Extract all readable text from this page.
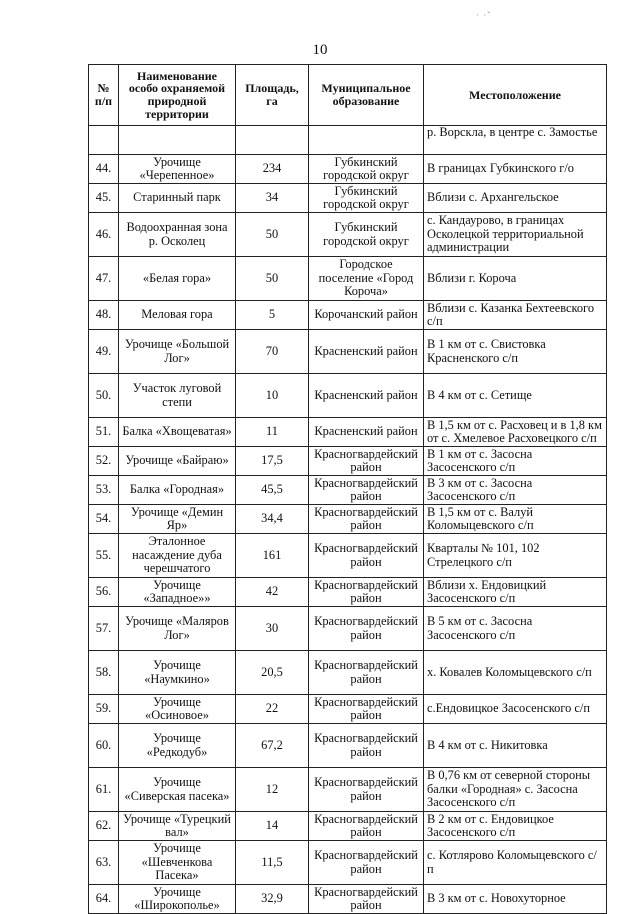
· ·ˇ
10
№ п/п	Наименование особо охраняемой природной территории	Площадь, га	Муниципальное образование	Местоположение
				р. Ворскла, в центре с. Замостье
44.	Урочище «Черепенное»	234	Губкинский городской округ	В границах Губкинского г/о
45.	Старинный парк	34	Губкинский городской округ	Вблизи с. Архангельское
46.	Водоохранная зона р. Осколец	50	Губкинский городской округ	с. Кандаурово, в границах Осколецкой территориальной администрации
47.	«Белая гора»	50	Городское поселение «Город Короча»	Вблизи г. Короча
48.	Меловая гора	5	Корочанский район	Вблизи с. Казанка Бехтеевского с/п
49.	Урочище «Большой Лог»	70	Красненский район	В 1 км от с. Свистовка Красненского с/п
50.	Участок луговой степи	10	Красненский район	В 4 км от с. Сетище
51.	Балка «Хвощеватая»	11	Красненский район	В 1,5 км от с. Расховец и в 1,8 км от с. Хмелевое Расховецкого с/п
52.	Урочище «Байраю»	17,5	Красногвардейский район	В 1 км от с. Засосна Засосенского с/п
53.	Балка «Городная»	45,5	Красногвардейский район	В 3 км от с. Засосна Засосенского с/п
54.	Урочище «Демин Яр»	34,4	Красногвардейский район	В 1,5 км от с. Валуй Коломыцевского с/п
55.	Эталонное насаждение дуба черешчатого	161	Красногвардейский район	Кварталы № 101, 102 Стрелецкого с/п
56.	Урочище «Западное»»	42	Красногвардейский район	Вблизи х. Ендовицкий Засосенского с/п
57.	Урочище «Маляров Лог»	30	Красногвардейский район	В 5 км от с. Засосна Засосенского с/п
58.	Урочище «Наумкино»	20,5	Красногвардейский район	х. Ковалев Коломыцевского с/п
59.	Урочище «Осиновое»	22	Красногвардейский район	с.Ендовицкое Засосенского с/п
60.	Урочище «Редкодуб»	67,2	Красногвардейский район	В 4 км от с. Никитовка
61.	Урочище «Сиверская пасека»	12	Красногвардейский район	В 0,76 км от северной стороны балки «Городная» с. Засосна Засосенского с/п
62.	Урочище «Турецкий вал»	14	Красногвардейский район	В 2 км от с. Ендовицкое Засосенского с/п
63.	Урочище «Шевченкова Пасека»	11,5	Красногвардейский район	с. Котлярово Коломыцевского с/п
64.	Урочище «Широкополье»	32,9	Красногвардейский район	В 3 км от с. Новохуторное
